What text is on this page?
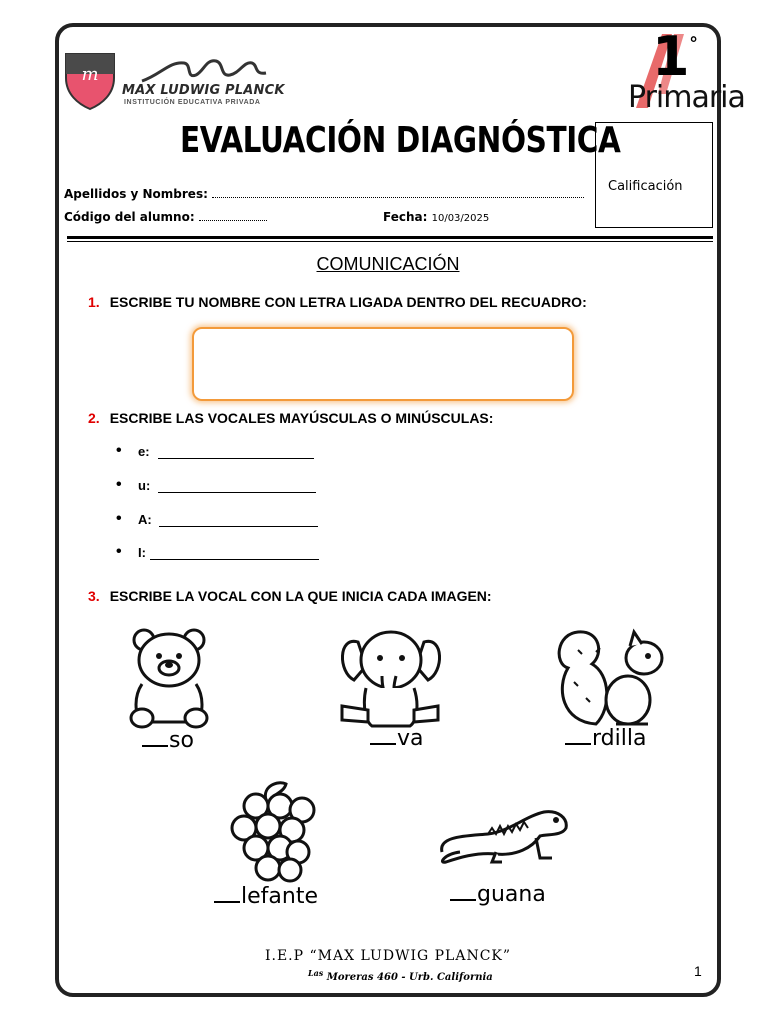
m
MAX LUDWIG PLANCK
INSTITUCIÓN EDUCATIVA PRIVADA
1 °
Primaria
EVALUACIÓN DIAGNÓSTICA
Calificación
Apellidos y Nombres:
Código del alumno:	Fecha: 10/03/2025
COMUNICACIÓN
1. ESCRIBE TU NOMBRE CON LETRA LIGADA DENTRO DEL RECUADRO:
2. ESCRIBE LAS VOCALES MAYÚSCULAS O MINÚSCULAS:
• e:
• u:
• A:
• I:
3. ESCRIBE LA VOCAL CON LA QUE INICIA CADA IMAGEN:
so	va	rdilla
lefante	guana
I.E.P “MAX LUDWIG PLANCK”
$^{Las}$ Moreras 460 - Urb. California	1
